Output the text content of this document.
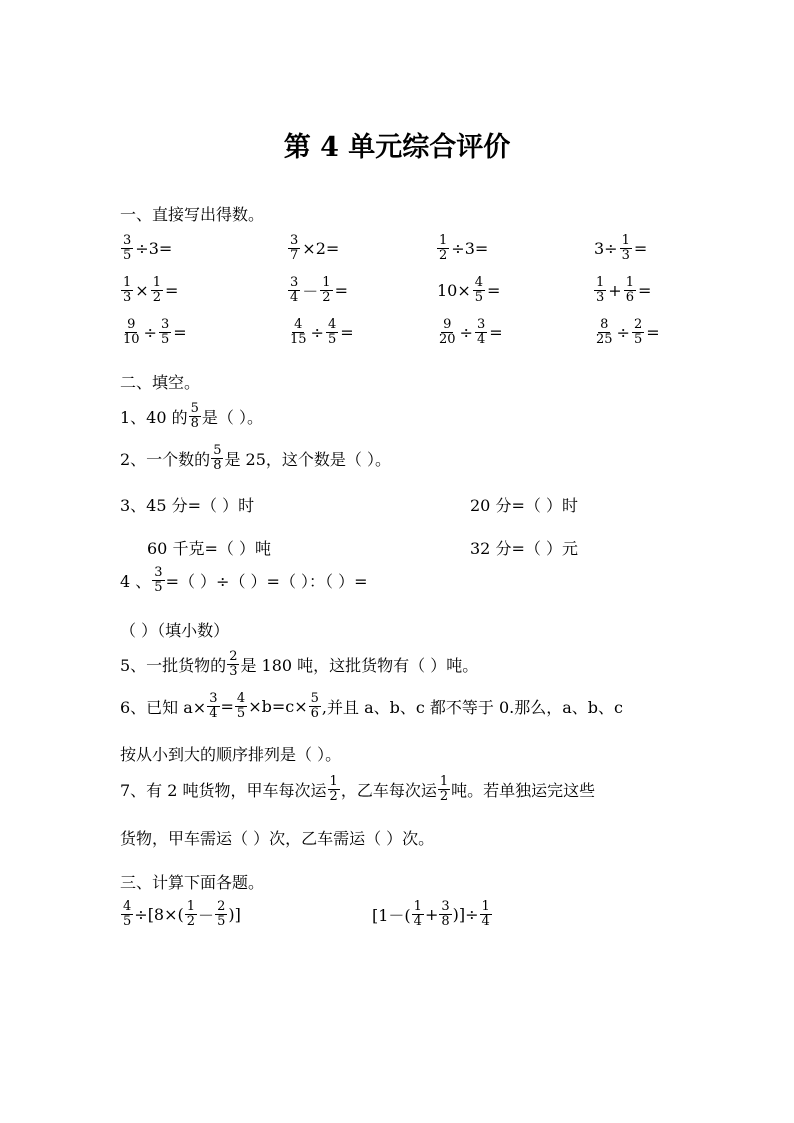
第 4 单元综合评价
一、直接写出得数。
$\frac{3}{5} \div 3=$	$\frac{3}{7} \times 2=$	$\frac{1}{2} \div 3=$	$3\div \frac{1}{3}$ =
$\frac{1}{3} \times \frac{1}{2}$ =	$\frac{3}{4} - \frac{1}{2}$ =	$10\times \frac{4}{5}$ =	$\frac{1}{3} + \frac{1}{6}$ =
$\frac{9}{10} \div \frac{3}{5}$ =	$\frac{4}{15} \div \frac{4}{5}$ =	$\frac{9}{20} \div \frac{3}{4}$ =	$\frac{8}{25} \div \frac{2}{5}$ =
二、填空。
1、40 的 $\frac{5}{8}$ 是（ ）。
2、一个数的 $\frac{5}{8}$ 是 25，这个数是（ ）。
3、45 分=（ ）时	20 分=（ ）时
60 千克=（ ）吨	32 分=（ ）元
4 、 $\frac{3}{5}$ =（ ）÷（ ）=（ ）：（ ）=
（ ）（填小数）
5、一批货物的 $\frac{2}{3}$ 是 180 吨，这批货物有（ ）吨。
6、已知 $a\times \frac{3}{4} = \frac{4}{5} \times b=c\times \frac{5}{6}$ ,并且 a、b、c 都不等于 0.那么，a、b、c
按从小到大的顺序排列是（ ）。
7、有 2 吨货物，甲车每次运 $\frac{1}{2}$ ，乙车每次运 $\frac{1}{2}$ 吨。若单独运完这些
货物，甲车需运（ ）次，乙车需运（ ）次。
三、计算下面各题。
$\frac{4}{5} \div[8\times( \frac{1}{2} - \frac{2}{5}$ )]	[$1-( \frac{1}{4} + \frac{3}{8}$ )]÷ $\frac{1}{4}$
